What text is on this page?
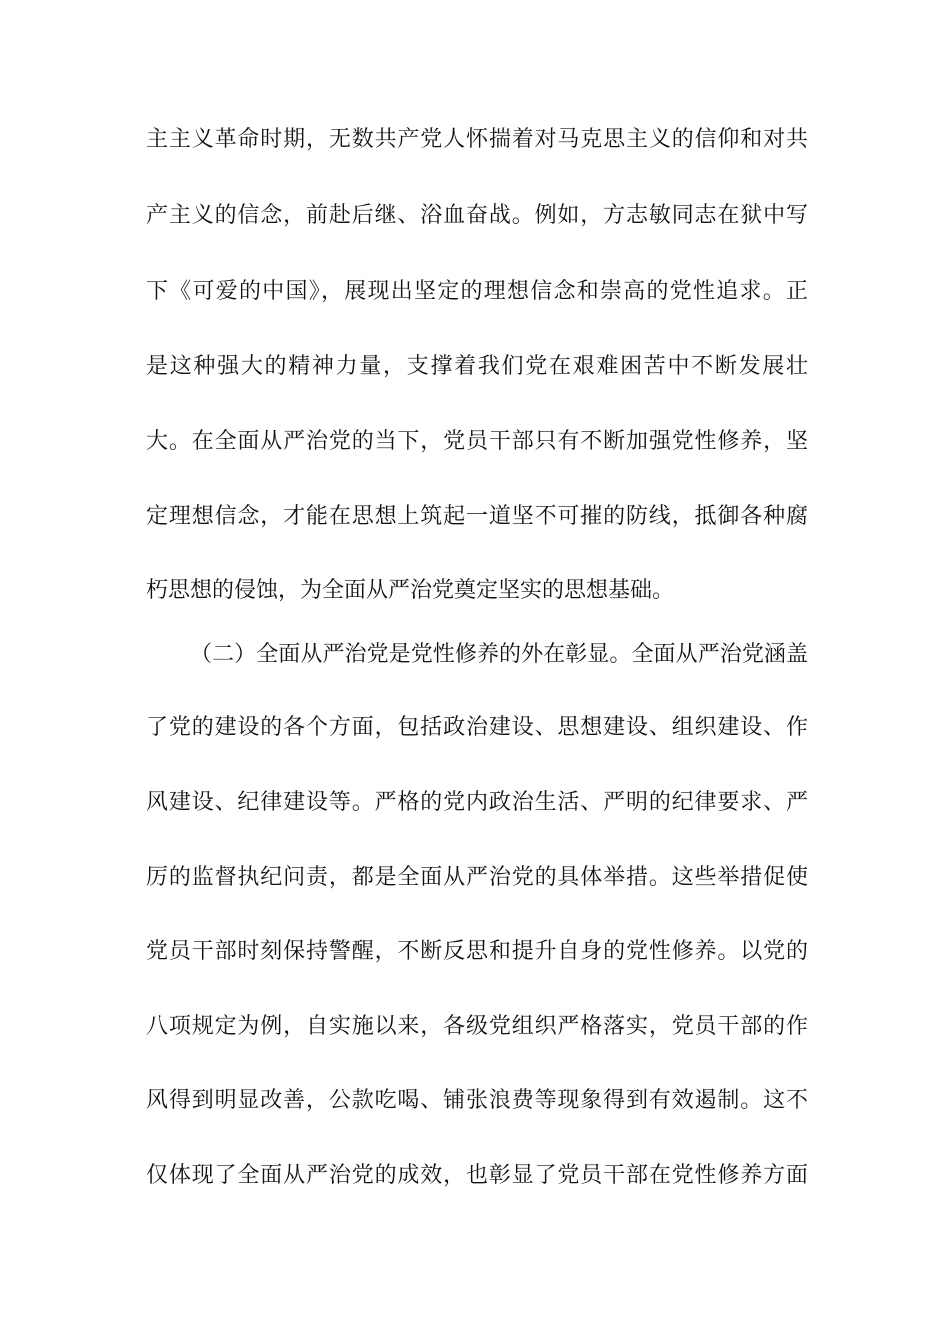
主主义革命时期，无数共产党人怀揣着对马克思主义的信仰和对共
产主义的信念，前赴后继、浴血奋战。例如，方志敏同志在狱中写
下《可爱的中国》，展现出坚定的理想信念和崇高的党性追求。正
是这种强大的精神力量，支撑着我们党在艰难困苦中不断发展壮
大。在全面从严治党的当下，党员干部只有不断加强党性修养，坚
定理想信念，才能在思想上筑起一道坚不可摧的防线，抵御各种腐
朽思想的侵蚀，为全面从严治党奠定坚实的思想基础。
（二）全面从严治党是党性修养的外在彰显。全面从严治党涵盖
了党的建设的各个方面，包括政治建设、思想建设、组织建设、作
风建设、纪律建设等。严格的党内政治生活、严明的纪律要求、严
厉的监督执纪问责，都是全面从严治党的具体举措。这些举措促使
党员干部时刻保持警醒，不断反思和提升自身的党性修养。以党的
八项规定为例，自实施以来，各级党组织严格落实，党员干部的作
风得到明显改善，公款吃喝、铺张浪费等现象得到有效遏制。这不
仅体现了全面从严治党的成效，也彰显了党员干部在党性修养方面
